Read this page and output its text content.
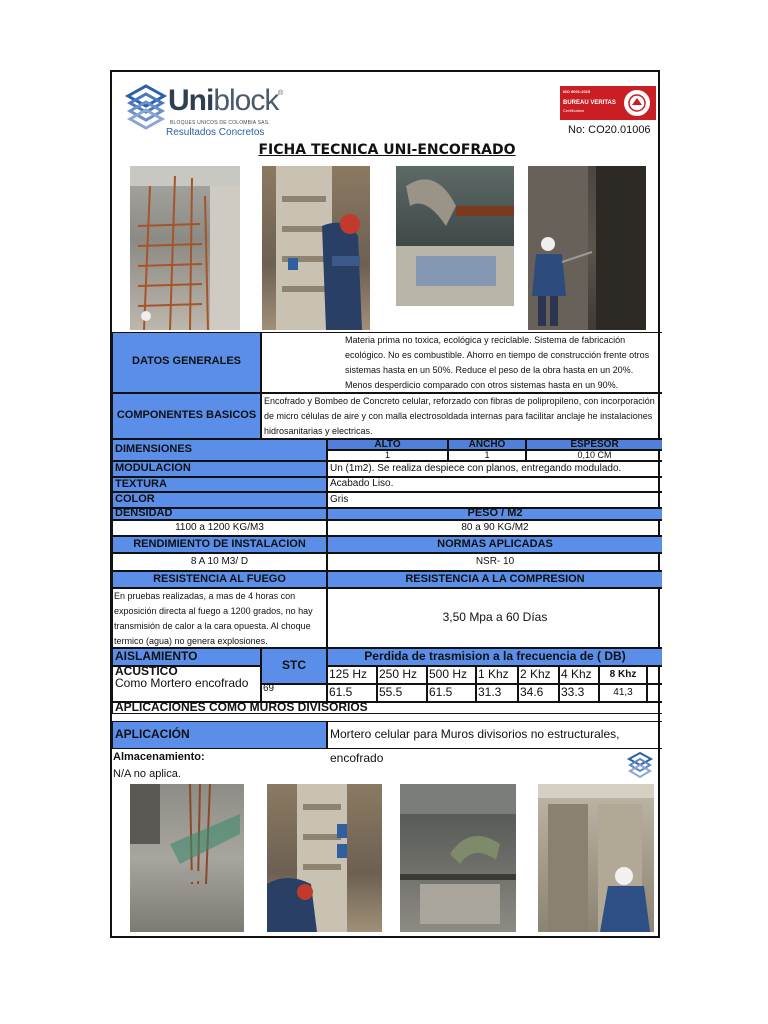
Uniblock ®
BLOQUES UNICOS DE COLOMBIA SAS.
Resultados Concretos
ISO 9001:2015
BUREAU VERITAS
Certification
No: CO20.01006
FICHA TECNICA UNI-ENCOFRADO
DATOS GENERALES
Materia prima no toxica, ecológica y reciclable. Sistema de fabricación ecológico. No es combustible. Ahorro en tiempo de construcción frente otros sistemas hasta en un 50%. Reduce el peso de la obra hasta en un 20%. Menos desperdicio comparado con otros sistemas hasta en un 90%.
COMPONENTES BASICOS
Encofrado y Bombeo de Concreto celular, reforzado con fibras de polipropileno, con incorporación de micro células de aire y con malla electrosoldada internas para facilitar anclaje he instalaciones hidrosanitarias y electricas.
DIMENSIONES	ALTO	ANCHO	ESPESOR
1	1	0,10 CM
MODULACION	Un (1m2). Se realiza despiece con planos, entregando modulado.
TEXTURA	Acabado Liso.
COLOR	Gris
DENSIDAD	PESO / M2
1100 a 1200 KG/M3	80 a 90 KG/M2
RENDIMIENTO DE INSTALACION	NORMAS APLICADAS
8 A 10 M3/ D	NSR- 10
RESISTENCIA AL FUEGO	RESISTENCIA A LA COMPRESION
En pruebas realizadas, a mas de 4 horas con exposición directa al fuego a 1200 grados, no hay transmisión de calor a la cara opuesta. Al choque termico (agua) no genera explosiones.
3,50 Mpa a 60 Días
AISLAMIENTO ACUSTICO
Como Mortero encofrado
STC
69
Perdida de trasmision a la frecuencia de ( DB)
125 Hz 250 Hz 500 Hz 1 Khz 2 Khz 4 Khz	8 Khz
61.5	55.5	61.5	31.3	34.6	33.3	41,3
APLICACIONES COMO MUROS DIVISORIOS
APLICACIÓN	Mortero celular para Muros divisorios no estructurales, encofrado
Almacenamiento:
N/A no aplica.
